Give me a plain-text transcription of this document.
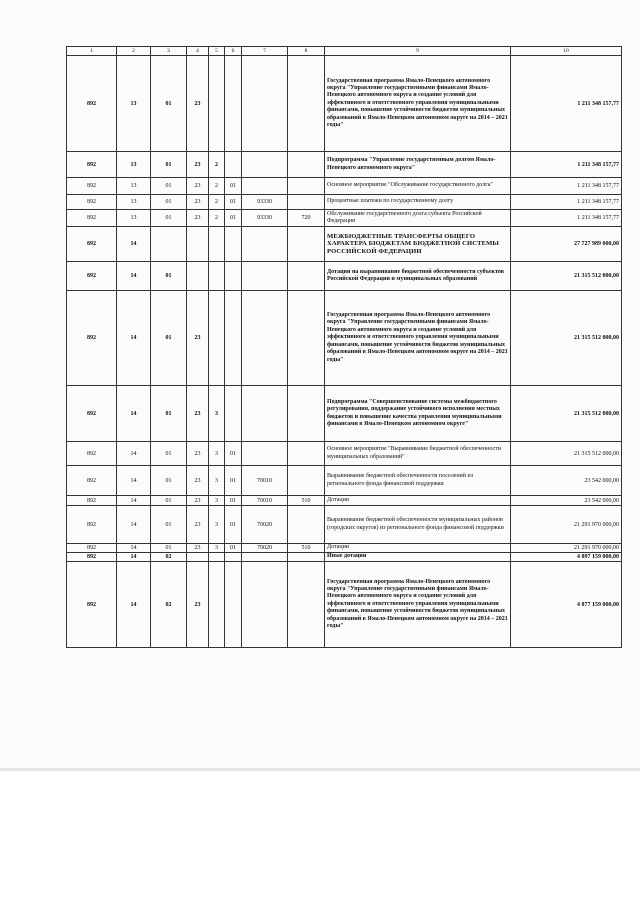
1	2	3	4	5	6	7	8	9	10
892	13	01	23					Государственная программа Ямало-Ненецкого автономного округа "Управление государственными финансами Ямало-Ненецкого автономного округа и создание условий для эффективного и ответственного управления муниципальными финансами, повышение устойчивости бюджетов муниципальных образований в Ямало-Ненецком автономном округе на 2014 – 2021 годы"	1 211 348 157,77
892	13	01	23	2				Подпрограмма "Управление государственным долгом Ямало-Ненецкого автономного округа"	1 211 348 157,77
892	13	01	23	2	01			Основное мероприятие "Обслуживание государственного долга"	1 211 348 157,77
892	13	01	23	2	01	93330		Процентные платежи по государственному долгу	1 211 348 157,77
892	13	01	23	2	01	93330	720	Обслуживание государственного долга субъекта Российской Федерации	1 211 348 157,77
892	14							МЕЖБЮДЖЕТНЫЕ ТРАНСФЕРТЫ ОБЩЕГО ХАРАКТЕРА БЮДЖЕТАМ БЮДЖЕТНОЙ СИСТЕМЫ РОССИЙСКОЙ ФЕДЕРАЦИИ	27 727 989 000,00
892	14	01						Дотации на выравнивание бюджетной обеспеченности субъектов Российской Федерации и муниципальных образований	21 315 512 000,00
892	14	01	23					Государственная программа Ямало-Ненецкого автономного округа "Управление государственными финансами Ямало-Ненецкого автономного округа и создание условий для эффективного и ответственного управления муниципальными финансами, повышение устойчивости бюджетов муниципальных образований в Ямало-Ненецком автономном округе на 2014 – 2021 годы"	21 315 512 000,00
892	14	01	23	3				Подпрограмма "Совершенствование системы межбюджетного регулирования, поддержание устойчивого исполнения местных бюджетов и повышение качества управления муниципальными финансами в Ямало-Ненецком автономном округе"	21 315 512 000,00
892	14	01	23	3	01			Основное мероприятие "Выравнивание бюджетной обеспеченности муниципальных образований"	21 315 512 000,00
892	14	01	23	3	01	70010		Выравнивание бюджетной обеспеченности поселений из регионального фонда финансовой поддержки	23 542 000,00
892	14	01	23	3	01	70010	510	Дотации	23 542 000,00
892	14	01	23	3	01	70020		Выравнивание бюджетной обеспеченности муниципальных районов (городских округов) из регионального фонда финансовой поддержки	21 291 970 000,00
892	14	01	23	3	01	70020	510	Дотации	21 291 970 000,00
892	14	02						Иные дотации	4 897 159 000,00
892	14	02	23					Государственная программа Ямало-Ненецкого автономного округа "Управление государственными финансами Ямало-Ненецкого автономного округа и создание условий для эффективного и ответственного управления муниципальными финансами, повышение устойчивости бюджетов муниципальных образований в Ямало-Ненецком автономном округе на 2014 – 2021 годы"	4 877 159 000,00
